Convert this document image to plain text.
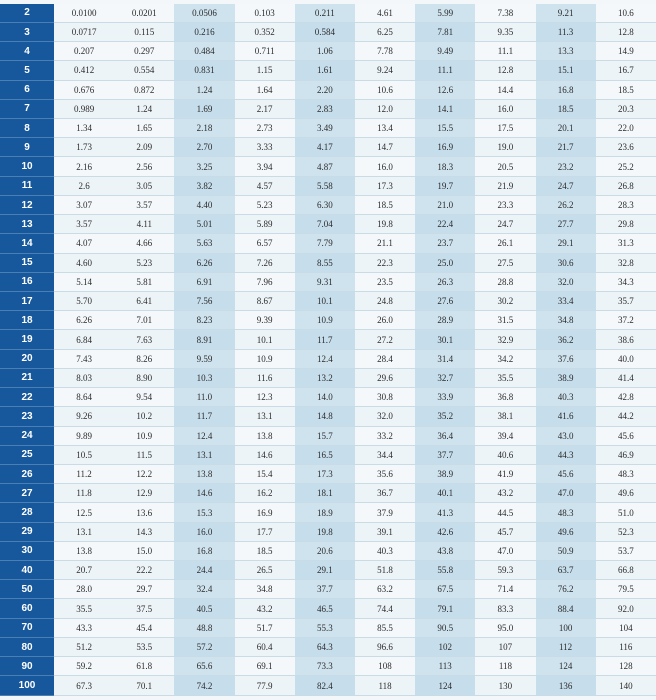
2	0.0100	0.0201	0.0506	0.103	0.211	4.61	5.99	7.38	9.21	10.6
3	0.0717	0.115	0.216	0.352	0.584	6.25	7.81	9.35	11.3	12.8
4	0.207	0.297	0.484	0.711	1.06	7.78	9.49	11.1	13.3	14.9
5	0.412	0.554	0.831	1.15	1.61	9.24	11.1	12.8	15.1	16.7
6	0.676	0.872	1.24	1.64	2.20	10.6	12.6	14.4	16.8	18.5
7	0.989	1.24	1.69	2.17	2.83	12.0	14.1	16.0	18.5	20.3
8	1.34	1.65	2.18	2.73	3.49	13.4	15.5	17.5	20.1	22.0
9	1.73	2.09	2.70	3.33	4.17	14.7	16.9	19.0	21.7	23.6
10	2.16	2.56	3.25	3.94	4.87	16.0	18.3	20.5	23.2	25.2
11	2.6	3.05	3.82	4.57	5.58	17.3	19.7	21.9	24.7	26.8
12	3.07	3.57	4.40	5.23	6.30	18.5	21.0	23.3	26.2	28.3
13	3.57	4.11	5.01	5.89	7.04	19.8	22.4	24.7	27.7	29.8
14	4.07	4.66	5.63	6.57	7.79	21.1	23.7	26.1	29.1	31.3
15	4.60	5.23	6.26	7.26	8.55	22.3	25.0	27.5	30.6	32.8
16	5.14	5.81	6.91	7.96	9.31	23.5	26.3	28.8	32.0	34.3
17	5.70	6.41	7.56	8.67	10.1	24.8	27.6	30.2	33.4	35.7
18	6.26	7.01	8.23	9.39	10.9	26.0	28.9	31.5	34.8	37.2
19	6.84	7.63	8.91	10.1	11.7	27.2	30.1	32.9	36.2	38.6
20	7.43	8.26	9.59	10.9	12.4	28.4	31.4	34.2	37.6	40.0
21	8.03	8.90	10.3	11.6	13.2	29.6	32.7	35.5	38.9	41.4
22	8.64	9.54	11.0	12.3	14.0	30.8	33.9	36.8	40.3	42.8
23	9.26	10.2	11.7	13.1	14.8	32.0	35.2	38.1	41.6	44.2
24	9.89	10.9	12.4	13.8	15.7	33.2	36.4	39.4	43.0	45.6
25	10.5	11.5	13.1	14.6	16.5	34.4	37.7	40.6	44.3	46.9
26	11.2	12.2	13.8	15.4	17.3	35.6	38.9	41.9	45.6	48.3
27	11.8	12.9	14.6	16.2	18.1	36.7	40.1	43.2	47.0	49.6
28	12.5	13.6	15.3	16.9	18.9	37.9	41.3	44.5	48.3	51.0
29	13.1	14.3	16.0	17.7	19.8	39.1	42.6	45.7	49.6	52.3
30	13.8	15.0	16.8	18.5	20.6	40.3	43.8	47.0	50.9	53.7
40	20.7	22.2	24.4	26.5	29.1	51.8	55.8	59.3	63.7	66.8
50	28.0	29.7	32.4	34.8	37.7	63.2	67.5	71.4	76.2	79.5
60	35.5	37.5	40.5	43.2	46.5	74.4	79.1	83.3	88.4	92.0
70	43.3	45.4	48.8	51.7	55.3	85.5	90.5	95.0	100	104
80	51.2	53.5	57.2	60.4	64.3	96.6	102	107	112	116
90	59.2	61.8	65.6	69.1	73.3	108	113	118	124	128
100	67.3	70.1	74.2	77.9	82.4	118	124	130	136	140
